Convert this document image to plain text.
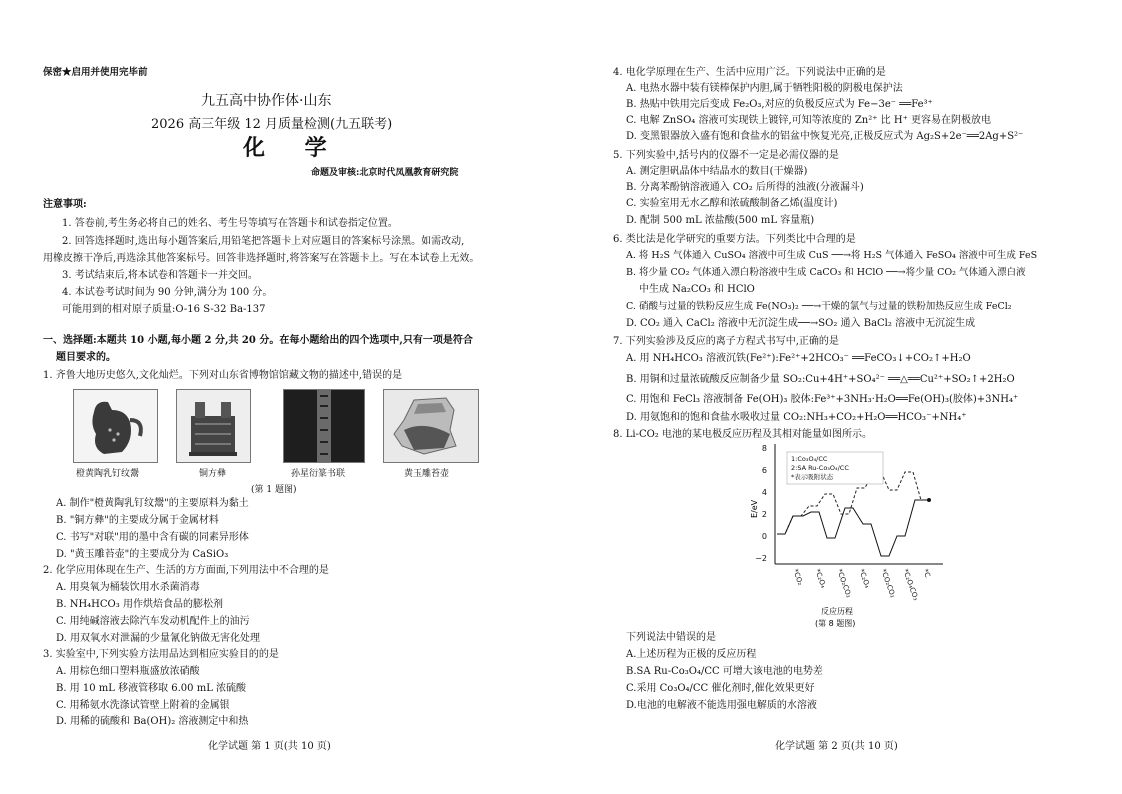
保密★启用并使用完毕前
九五高中协作体·山东
2026 高三年级 12 月质量检测(九五联考)
化 学
命题及审核:北京时代凤凰教育研究院
注意事项:
1. 答卷前,考生务必将自己的姓名、考生号等填写在答题卡和试卷指定位置。
2. 回答选择题时,选出每小题答案后,用铅笔把答题卡上对应题目的答案标号涂黑。如需改动,
用橡皮擦干净后,再选涂其他答案标号。回答非选择题时,将答案写在答题卡上。写在本试卷上无效。
3. 考试结束后,将本试卷和答题卡一并交回。
4. 本试卷考试时间为 90 分钟,满分为 100 分。
可能用到的相对原子质量:O-16 S-32 Ba-137
一、选择题:本题共 10 小题,每小题 2 分,共 20 分。在每小题给出的四个选项中,只有一项是符合
题目要求的。
1. 齐鲁大地历史悠久,文化灿烂。下列对山东省博物馆馆藏文物的描述中,错误的是
橙黄陶乳钉纹鬶	铜方彝	孙星衍篆书联	黄玉雕苔壶
(第 1 题图)
A. 制作"橙黄陶乳钉纹鬶"的主要原料为黏土
B. "铜方彝"的主要成分属于金属材料
C. 书写"对联"用的墨中含有碳的同素异形体
D. "黄玉雕苔壶"的主要成分为 CaSiO₃
2. 化学应用体现在生产、生活的方方面面,下列用法中不合理的是
A. 用臭氧为桶装饮用水杀菌消毒
B. NH₄HCO₃ 用作烘焙食品的膨松剂
C. 用纯碱溶液去除汽车发动机配件上的油污
D. 用双氧水对泄漏的少量氰化钠做无害化处理
3. 实验室中,下列实验方法用品达到相应实验目的的是
A. 用棕色细口塑料瓶盛放浓硝酸
B. 用 10 mL 移液管移取 6.00 mL 浓硫酸
C. 用稀氨水洗涤试管壁上附着的金属银
D. 用稀的硫酸和 Ba(OH)₂ 溶液测定中和热
化学试题 第 1 页(共 10 页)
4. 电化学原理在生产、生活中应用广泛。下列说法中正确的是
A. 电热水器中装有镁棒保护内胆,属于牺牲阳极的阴极电保护法
B. 热贴中铁用完后变成 Fe₂O₃,对应的负极反应式为 Fe−3e⁻ ══Fe³⁺
C. 电解 ZnSO₄ 溶液可实现铁上镀锌,可知等浓度的 Zn²⁺ 比 H⁺ 更容易在阴极放电
D. 变黑银器放入盛有饱和食盐水的铝盆中恢复光亮,正极反应式为 Ag₂S+2e⁻══2Ag+S²⁻
5. 下列实验中,括号内的仪器不一定是必需仪器的是
A. 测定胆矾晶体中结晶水的数目(干燥器)
B. 分离苯酚钠溶液通入 CO₂ 后所得的浊液(分液漏斗)
C. 实验室用无水乙醇和浓硫酸制备乙烯(温度计)
D. 配制 500 mL 浓盐酸(500 mL 容量瓶)
6. 类比法是化学研究的重要方法。下列类比中合理的是
A. 将 H₂S 气体通入 CuSO₄ 溶液中可生成 CuS ──→将 H₂S 气体通入 FeSO₄ 溶液中可生成 FeS
B. 将少量 CO₂ 气体通入漂白粉溶液中生成 CaCO₃ 和 HClO ──→将少量 CO₂ 气体通入漂白液
中生成 Na₂CO₃ 和 HClO
C. 硝酸与过量的铁粉反应生成 Fe(NO₃)₂ ──→干燥的氯气与过量的铁粉加热反应生成 FeCl₂
D. CO₂ 通入 CaCl₂ 溶液中无沉淀生成──→SO₂ 通入 BaCl₂ 溶液中无沉淀生成
7. 下列实验涉及反应的离子方程式书写中,正确的是
A. 用 NH₄HCO₃ 溶液沉铁(Fe²⁺):Fe²⁺+2HCO₃⁻ ══FeCO₃↓+CO₂↑+H₂O
B. 用铜和过量浓硫酸反应制备少量 SO₂:Cu+4H⁺+SO₄²⁻ ══△══Cu²⁺+SO₂↑+2H₂O
C. 用饱和 FeCl₃ 溶液制备 Fe(OH)₃ 胶体:Fe³⁺+3NH₃·H₂O══Fe(OH)₃(胶体)+3NH₄⁺
D. 用氨饱和的饱和食盐水吸收过量 CO₂:NH₃+CO₂+H₂O══HCO₃⁻+NH₄⁺
8. Li-CO₂ 电池的某电极反应历程及其相对能量如图所示。
8
6
4
2
0
−2
E/eV
*CO₂ *C₂O₄ *CO₂CO₂ *C₂O₄ *CO₂CO₂ *C₂O₄CO₃ *C
1:Co₃O₄/CC
2:SA Ru-Co₃O₄/CC
*表示吸附状态
反应历程
(第 8 题图)
下列说法中错误的是
A.上述历程为正极的反应历程
B.SA Ru-Co₃O₄/CC 可增大该电池的电势差
C.采用 Co₃O₄/CC 催化剂时,催化效果更好
D.电池的电解液不能选用强电解质的水溶液
化学试题 第 2 页(共 10 页)
